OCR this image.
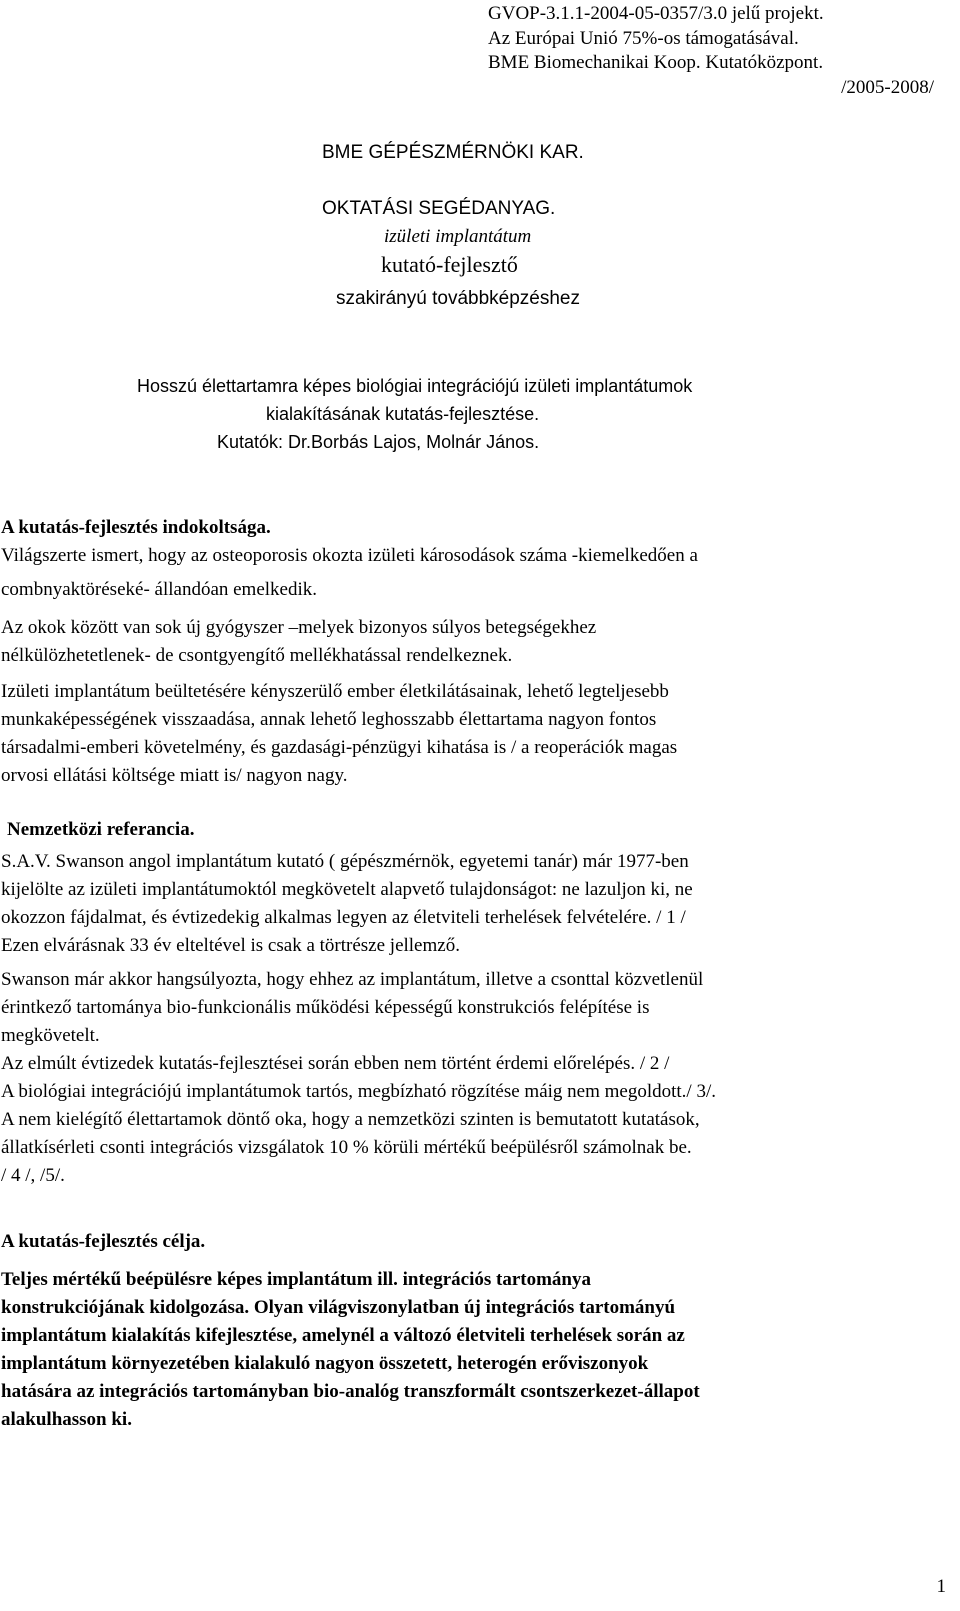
GVOP-3.1.1-2004-05-0357/3.0 jelű projekt.
Az Európai Unió 75%-os támogatásával.
BME Biomechanikai Koop. Kutatóközpont.
/2005-2008/
BME GÉPÉSZMÉRNÖKI KAR.
OKTATÁSI SEGÉDANYAG.
izületi implantátum
kutató-fejlesztő
szakirányú továbbképzéshez
Hosszú élettartamra képes biológiai integrációjú izületi implantátumok
kialakításának kutatás-fejlesztése.
Kutatók: Dr.Borbás Lajos, Molnár János.
A kutatás-fejlesztés indokoltsága.
Világszerte ismert, hogy az osteoporosis okozta izületi károsodások száma -kiemelkedően a
combnyaktöréseké- állandóan emelkedik.
Az okok között van sok új gyógyszer –melyek bizonyos súlyos betegségekhez
nélkülözhetetlenek- de csontgyengítő mellékhatással rendelkeznek.
Izületi implantátum beültetésére kényszerülő ember életkilátásainak, lehető legteljesebb
munkaképességének visszaadása, annak lehető leghosszabb élettartama nagyon fontos
társadalmi-emberi követelmény, és gazdasági-pénzügyi kihatása is / a reoperációk magas
orvosi ellátási költsége miatt is/ nagyon nagy.
Nemzetközi referancia.
S.A.V. Swanson angol implantátum kutató ( gépészmérnök, egyetemi tanár) már 1977-ben
kijelölte az izületi implantátumoktól megkövetelt alapvető tulajdonságot: ne lazuljon ki, ne
okozzon fájdalmat, és évtizedekig alkalmas legyen az életviteli terhelések felvételére. / 1 /
Ezen elvárásnak 33 év elteltével is csak a törtrésze jellemző.
Swanson már akkor hangsúlyozta, hogy ehhez az implantátum, illetve a csonttal közvetlenül
érintkező tartománya bio-funkcionális működési képességű konstrukciós felépítése is
megkövetelt.
Az elmúlt évtizedek kutatás-fejlesztései során ebben nem történt érdemi előrelépés. / 2 /
A biológiai integrációjú implantátumok tartós, megbízható rögzítése máig nem megoldott./ 3/.
A nem kielégítő élettartamok döntő oka, hogy a nemzetközi szinten is bemutatott kutatások,
állatkísérleti csonti integrációs vizsgálatok 10 % körüli mértékű beépülésről számolnak be.
/ 4 /, /5/.
A kutatás-fejlesztés célja.
Teljes mértékű beépülésre képes implantátum ill. integrációs tartománya
konstrukciójának kidolgozása. Olyan világviszonylatban új integrációs tartományú
implantátum kialakítás kifejlesztése, amelynél a változó életviteli terhelések során az
implantátum környezetében kialakuló nagyon összetett, heterogén erőviszonyok
hatására az integrációs tartományban bio-analóg transzformált csontszerkezet-állapot
alakulhasson ki.
1
